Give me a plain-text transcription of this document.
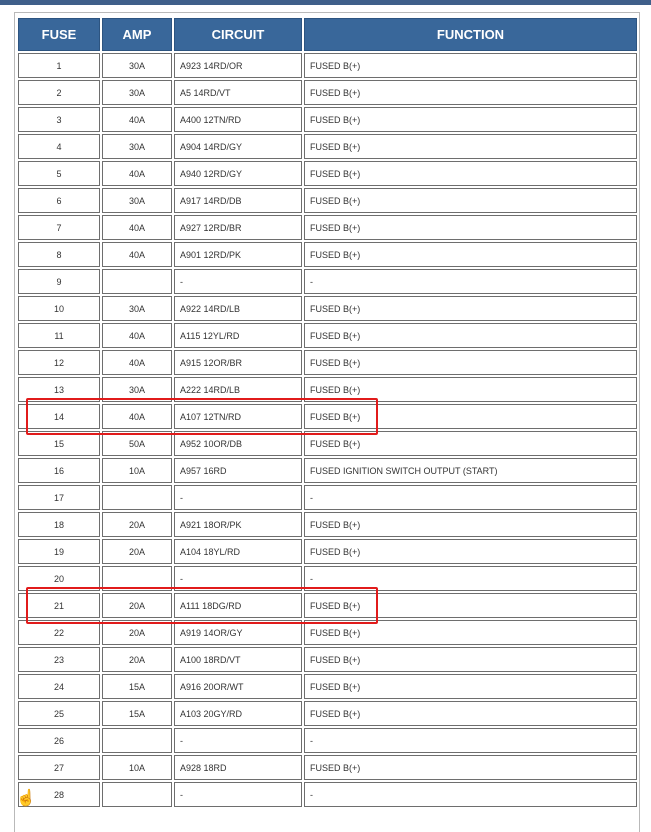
FUSE	AMP	CIRCUIT	FUNCTION
1	30A	A923 14RD/OR	FUSED B(+)
2	30A	A5 14RD/VT	FUSED B(+)
3	40A	A400 12TN/RD	FUSED B(+)
4	30A	A904 14RD/GY	FUSED B(+)
5	40A	A940 12RD/GY	FUSED B(+)
6	30A	A917 14RD/DB	FUSED B(+)
7	40A	A927 12RD/BR	FUSED B(+)
8	40A	A901 12RD/PK	FUSED B(+)
9		-	-
10	30A	A922 14RD/LB	FUSED B(+)
11	40A	A115 12YL/RD	FUSED B(+)
12	40A	A915 12OR/BR	FUSED B(+)
13	30A	A222 14RD/LB	FUSED B(+)
14	40A	A107 12TN/RD	FUSED B(+)
15	50A	A952 10OR/DB	FUSED B(+)
16	10A	A957 16RD	FUSED IGNITION SWITCH OUTPUT (START)
17		-	-
18	20A	A921 18OR/PK	FUSED B(+)
19	20A	A104 18YL/RD	FUSED B(+)
20		-	-
21	20A	A111 18DG/RD	FUSED B(+)
22	20A	A919 14OR/GY	FUSED B(+)
23	20A	A100 18RD/VT	FUSED B(+)
24	15A	A916 20OR/WT	FUSED B(+)
25	15A	A103 20GY/RD	FUSED B(+)
26		-	-
27	10A	A928 18RD	FUSED B(+)
28		-	-
☝
